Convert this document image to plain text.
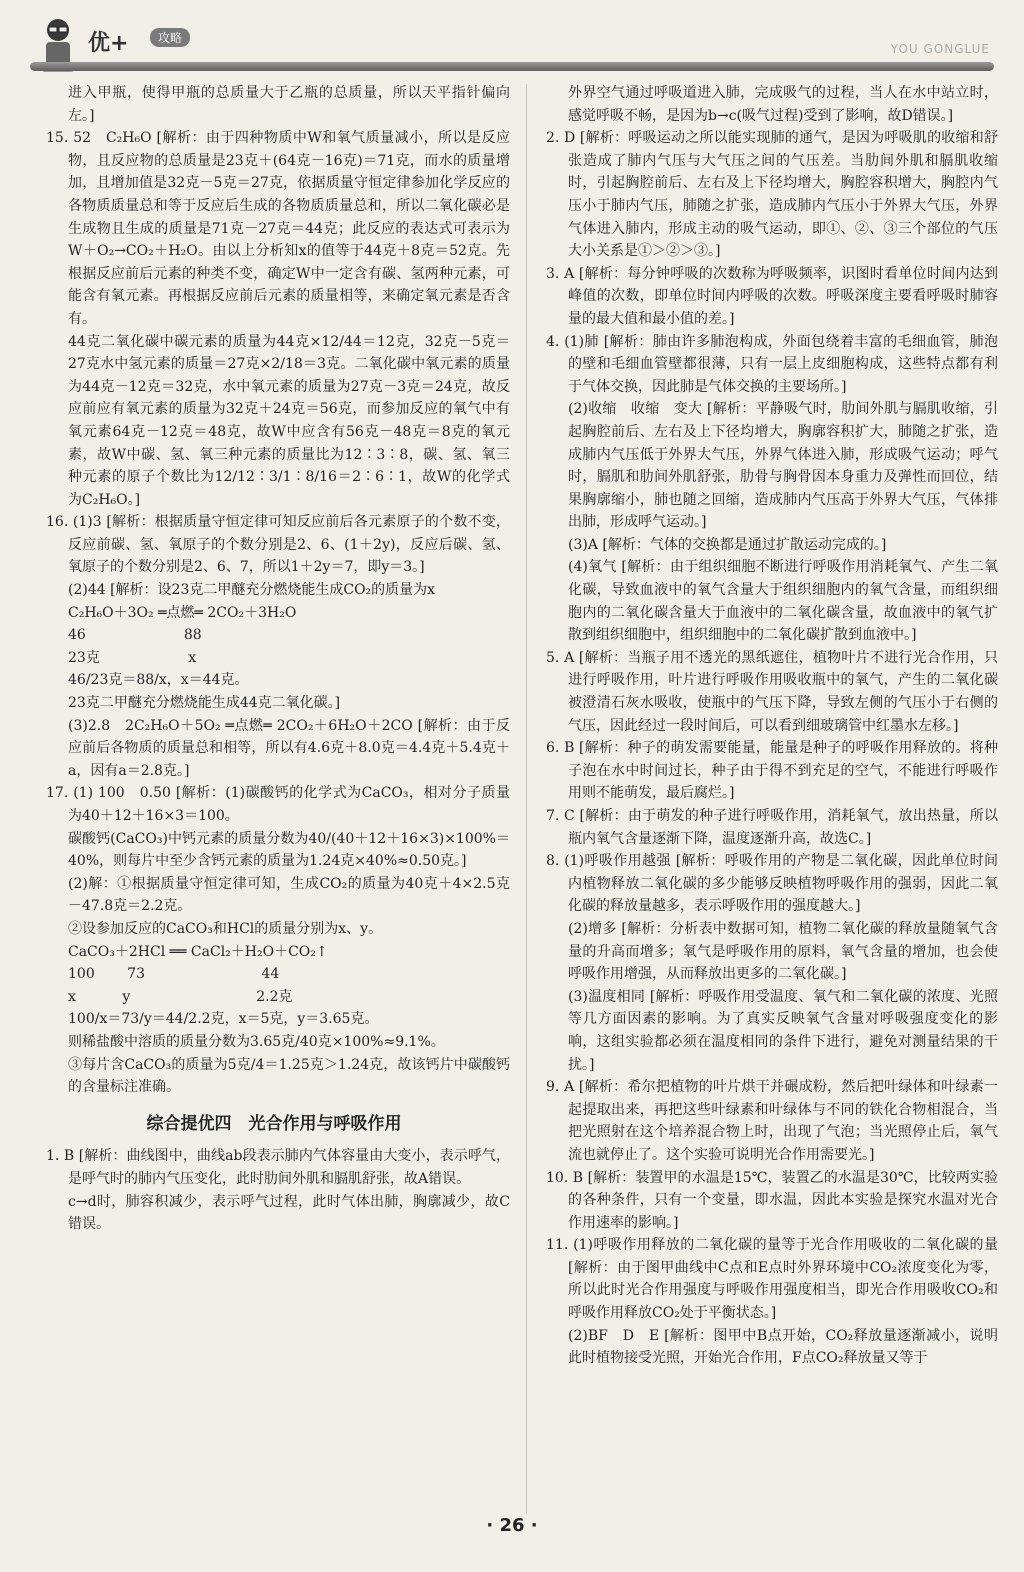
优+	攻略
YOU GONGLUE

进入甲瓶，使得甲瓶的总质量大于乙瓶的总质量，所以天平指针偏向左。]

15. 52　C₂H₆O [解析：由于四种物质中W和氧气质量减小，所以是反应物，且反应物的总质量是23克＋(64克－16克)＝71克，而水的质量增加，且增加值是32克－5克＝27克，依据质量守恒定律参加化学反应的各物质质量总和等于反应后生成的各物质质量总和，所以二氧化碳必是生成物且生成的质量是71克－27克＝44克；此反应的表达式可表示为W＋O₂→CO₂＋H₂O。由以上分析知x的值等于44克＋8克＝52克。先根据反应前后元素的种类不变，确定W中一定含有碳、氢两种元素，可能含有氧元素。再根据反应前后元素的质量相等，来确定氧元素是否含有。

44克二氧化碳中碳元素的质量为44克×12/44＝12克，32克－5克＝27克水中氢元素的质量＝27克×2/18＝3克。二氧化碳中氧元素的质量为44克－12克＝32克，水中氧元素的质量为27克－3克＝24克，故反应前应有氧元素的质量为32克＋24克＝56克，而参加反应的氧气中有氧元素64克－12克＝48克，故W中应含有56克－48克＝8克的氧元素，故W中碳、氢、氧三种元素的质量比为12∶3∶8，碳、氢、氧三种元素的原子个数比为12/12∶3/1∶8/16＝2∶6∶1，故W的化学式为C₂H₆O。]

16. (1)3 [解析：根据质量守恒定律可知反应前后各元素原子的个数不变，反应前碳、氢、氧原子的个数分别是2、6、(1＋2y)，反应后碳、氢、氧原子的个数分别是2、6、7，所以1＋2y＝7，即y＝3。]

(2)44 [解析：设23克二甲醚充分燃烧能生成CO₂的质量为x

C₂H₆O＋3O₂ ═点燃═ 2CO₂＋3H₂O

46　　　　　　　88

23克　　　　　　 x

46/23克＝88/x，x＝44克。

23克二甲醚充分燃烧能生成44克二氧化碳。]

(3)2.8　2C₂H₆O＋5O₂ ═点燃═ 2CO₂＋6H₂O＋2CO [解析：由于反应前后各物质的质量总和相等，所以有4.6克＋8.0克＝4.4克＋5.4克＋a，因有a＝2.8克。]

17. (1) 100　0.50 [解析：(1)碳酸钙的化学式为CaCO₃，相对分子质量为40＋12＋16×3＝100。

碳酸钙(CaCO₃)中钙元素的质量分数为40/(40＋12＋16×3)×100%＝40%，则每片中至少含钙元素的质量为1.24克×40%≈0.50克。]

(2)解：①根据质量守恒定律可知，生成CO₂的质量为40克＋4×2.5克－47.8克＝2.2克。

②设参加反应的CaCO₃和HCl的质量分别为x、y。

CaCO₃＋2HCl ══ CaCl₂＋H₂O＋CO₂↑

100　　 73　　　　　　　　 44

x　　　 y　　　　　　　　　2.2克

100/x＝73/y＝44/2.2克，x＝5克，y＝3.65克。

则稀盐酸中溶质的质量分数为3.65克/40克×100%≈9.1%。

③每片含CaCO₃的质量为5克/4＝1.25克＞1.24克，故该钙片中碳酸钙的含量标注准确。

综合提优四　光合作用与呼吸作用

1. B [解析：曲线图中，曲线ab段表示肺内气体容量由大变小，表示呼气，是呼气时的肺内气压变化，此时肋间外肌和膈肌舒张，故A错误。

c→d时，肺容积减少，表示呼气过程，此时气体出肺，胸廓减少，故C错误。

外界空气通过呼吸道进入肺，完成吸气的过程，当人在水中站立时，感觉呼吸不畅，是因为b→c(吸气过程)受到了影响，故D错误。]

2. D [解析：呼吸运动之所以能实现肺的通气，是因为呼吸肌的收缩和舒张造成了肺内气压与大气压之间的气压差。当肋间外肌和膈肌收缩时，引起胸腔前后、左右及上下径均增大，胸腔容积增大，胸腔内气压小于肺内气压，肺随之扩张，造成肺内气压小于外界大气压，外界气体进入肺内，形成主动的吸气运动，即①、②、③三个部位的气压大小关系是①＞②＞③。]

3. A [解析：每分钟呼吸的次数称为呼吸频率，识图时看单位时间内达到峰值的次数，即单位时间内呼吸的次数。呼吸深度主要看呼吸时肺容量的最大值和最小值的差。]

4. (1)肺 [解析：肺由许多肺泡构成，外面包绕着丰富的毛细血管，肺泡的壁和毛细血管壁都很薄，只有一层上皮细胞构成，这些特点都有利于气体交换，因此肺是气体交换的主要场所。]

(2)收缩　收缩　变大 [解析：平静吸气时，肋间外肌与膈肌收缩，引起胸腔前后、左右及上下径均增大，胸廓容积扩大，肺随之扩张，造成肺内气压低于外界大气压，外界气体进入肺，形成吸气运动；呼气时，膈肌和肋间外肌舒张，肋骨与胸骨因本身重力及弹性而回位，结果胸廓缩小，肺也随之回缩，造成肺内气压高于外界大气压，气体排出肺，形成呼气运动。]

(3)A [解析：气体的交换都是通过扩散运动完成的。]

(4)氧气 [解析：由于组织细胞不断进行呼吸作用消耗氧气、产生二氧化碳，导致血液中的氧气含量大于组织细胞内的氧气含量，而组织细胞内的二氧化碳含量大于血液中的二氧化碳含量，故血液中的氧气扩散到组织细胞中，组织细胞中的二氧化碳扩散到血液中。]

5. A [解析：当瓶子用不透光的黑纸遮住，植物叶片不进行光合作用，只进行呼吸作用，叶片进行呼吸作用吸收瓶中的氧气，产生的二氧化碳被澄清石灰水吸收，使瓶中的气压下降，导致左侧的气压小于右侧的气压，因此经过一段时间后，可以看到细玻璃管中红墨水左移。]

6. B [解析：种子的萌发需要能量，能量是种子的呼吸作用释放的。将种子泡在水中时间过长，种子由于得不到充足的空气，不能进行呼吸作用则不能萌发，最后腐烂。]

7. C [解析：由于萌发的种子进行呼吸作用，消耗氧气，放出热量，所以瓶内氧气含量逐渐下降，温度逐渐升高，故选C。]

8. (1)呼吸作用越强 [解析：呼吸作用的产物是二氧化碳，因此单位时间内植物释放二氧化碳的多少能够反映植物呼吸作用的强弱，因此二氧化碳的释放量越多，表示呼吸作用的强度越大。]

(2)增多 [解析：分析表中数据可知，植物二氧化碳的释放量随氧气含量的升高而增多；氧气是呼吸作用的原料，氧气含量的增加，也会使呼吸作用增强，从而释放出更多的二氧化碳。]

(3)温度相同 [解析：呼吸作用受温度、氧气和二氧化碳的浓度、光照等几方面因素的影响。为了真实反映氧气含量对呼吸强度变化的影响，这组实验都必须在温度相同的条件下进行，避免对测量结果的干扰。]

9. A [解析：希尔把植物的叶片烘干并碾成粉，然后把叶绿体和叶绿素一起提取出来，再把这些叶绿素和叶绿体与不同的铁化合物相混合，当把光照射在这个培养混合物上时，出现了气泡；当光照停止后，氧气流也就停止了。这个实验可说明光合作用需要光。]

10. B [解析：装置甲的水温是15℃，装置乙的水温是30℃，比较两实验的各种条件，只有一个变量，即水温，因此本实验是探究水温对光合作用速率的影响。]

11. (1)呼吸作用释放的二氧化碳的量等于光合作用吸收的二氧化碳的量 [解析：由于图甲曲线中C点和E点时外界环境中CO₂浓度变化为零，所以此时光合作用强度与呼吸作用强度相当，即光合作用吸收CO₂和呼吸作用释放CO₂处于平衡状态。]

(2)BF　D　E [解析：图甲中B点开始，CO₂释放量逐渐减小，说明此时植物接受光照，开始光合作用，F点CO₂释放量又等于

· 26 ·
